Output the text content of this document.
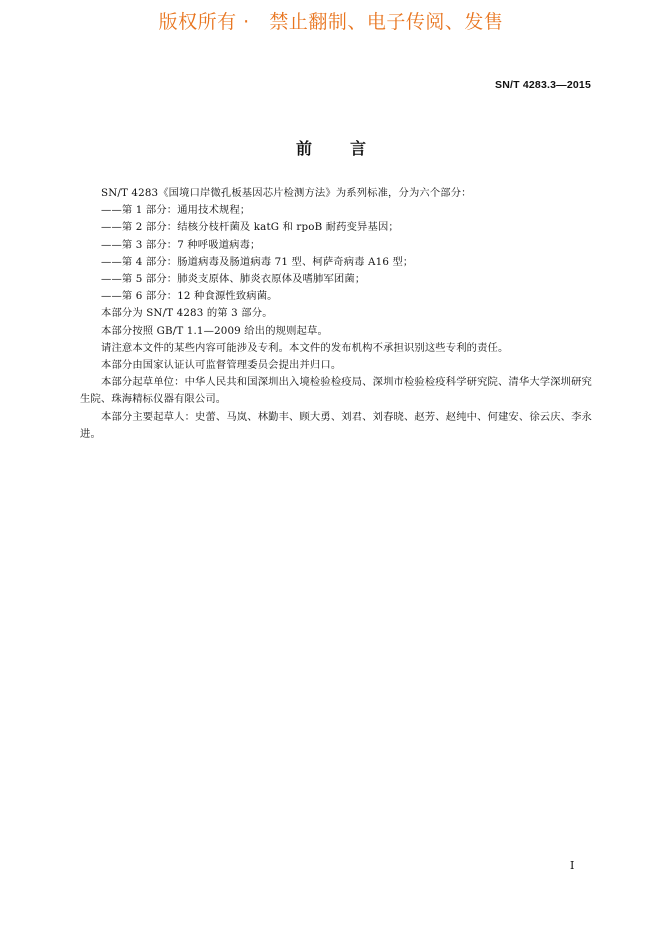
版权所有 ·   禁止翻制、电子传阅、发售
SN/T 4283.3—2015
前言

SN/T 4283《国境口岸微孔板基因芯片检测方法》为系列标准，分为六个部分：

——第 1 部分：通用技术规程；

——第 2 部分：结核分枝杆菌及 katG 和 rpoB 耐药变异基因；

——第 3 部分：7 种呼吸道病毒；

——第 4 部分：肠道病毒及肠道病毒 71 型、柯萨奇病毒 A16 型；

——第 5 部分：肺炎支原体、肺炎衣原体及嗜肺军团菌；

——第 6 部分：12 种食源性致病菌。

本部分为 SN/T 4283 的第 3 部分。

本部分按照 GB/T 1.1—2009 给出的规则起草。

请注意本文件的某些内容可能涉及专利。本文件的发布机构不承担识别这些专利的责任。

本部分由国家认证认可监督管理委员会提出并归口。

本部分起草单位：中华人民共和国深圳出入境检验检疫局、深圳市检验检疫科学研究院、清华大学深圳研究生院、珠海精标仪器有限公司。

本部分主要起草人：史蕾、马岚、林勤丰、顾大勇、刘君、刘春晓、赵芳、赵纯中、何建安、徐云庆、李永进。

I
